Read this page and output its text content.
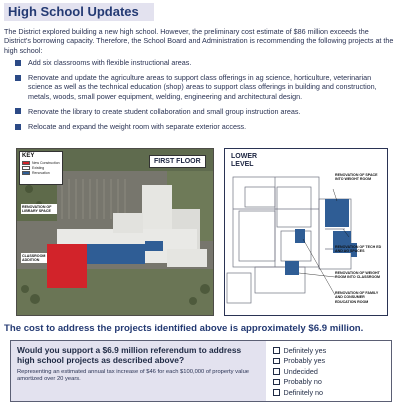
High School Updates

The District explored building a new high school. However, the preliminary cost estimate of $86 million exceeds the District's borrowing capacity. Therefore, the School Board and Administration is recommending the following projects at the high school:

Add six classrooms with flexible instructional areas.
Renovate and update the agriculture areas to support class offerings in ag science, horticulture, veterinarian science as well as the technical education (shop) areas to support class offerings in building and construction, metals, woods, small power equipment, welding, engineering and architectural design.
Renovate the library to create student collaboration and small group instruction areas.
Relocate and expand the weight room with separate exterior access.
KEY
New Construction
Existing
Renovation
FIRST FLOOR
RENOVATION OF LIBRARY SPACE
CLASSROOM ADDITION
LOWER LEVEL
RENOVATION OF SPACE INTO WEIGHT ROOM
RENOVATION OF TECH ED AND AG SPACES
RENOVATION OF WEIGHT ROOM INTO CLASSROOM
RENOVATION OF FAMILY AND CONSUMER EDUCATION ROOM
The cost to address the projects identified above is approximately $6.9 million.
Would you support a $6.9 million referendum to address high school projects as described above?
Representing an estimated annual tax increase of $46 for each $100,000 of property value amortized over 20 years.
Definitely yes
Probably yes
Undecided
Probably no
Definitely no
